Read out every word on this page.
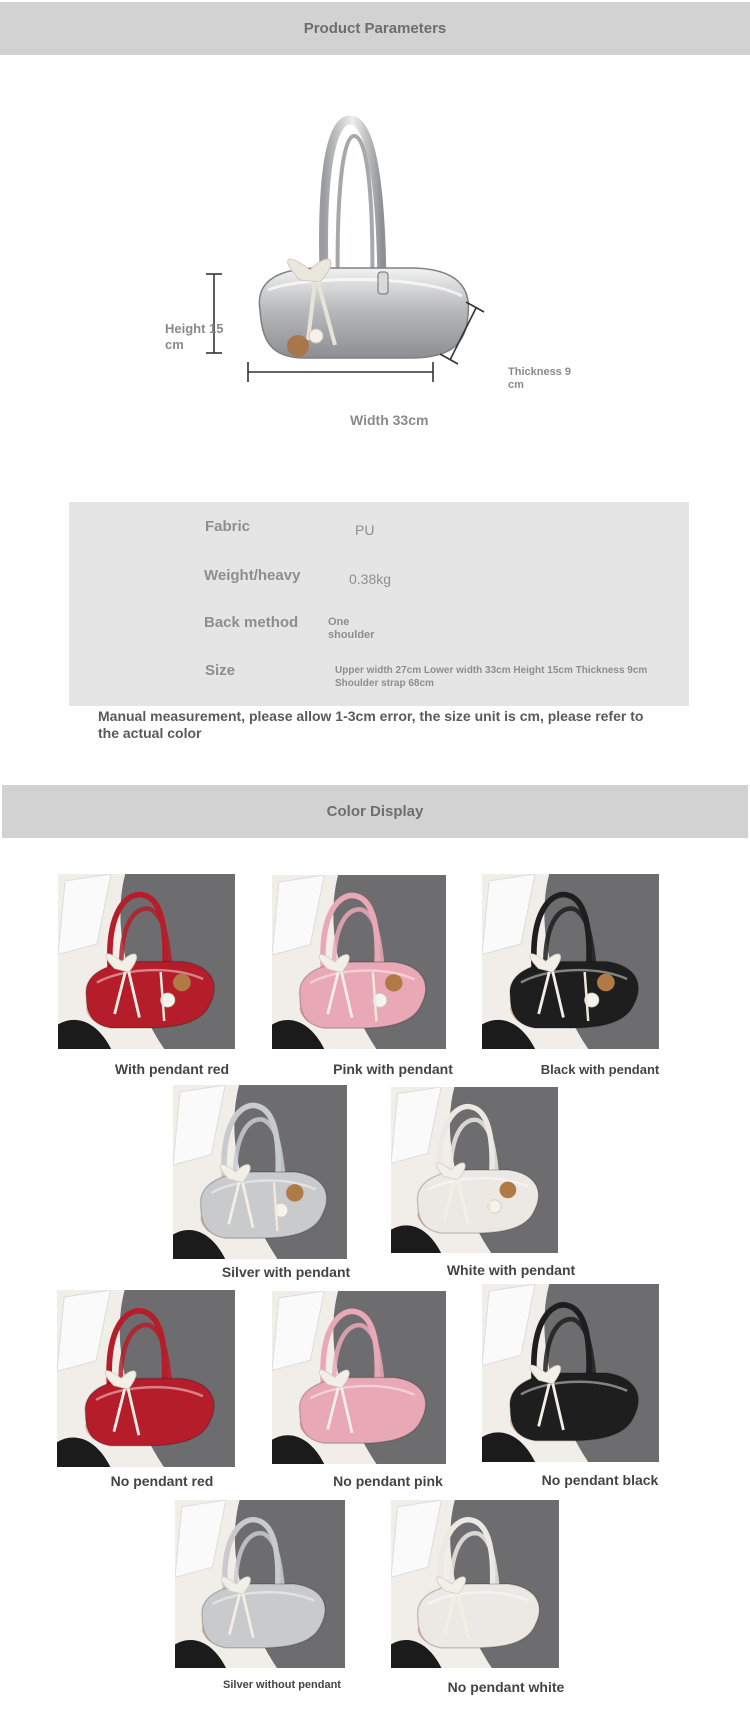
Product Parameters
Height 15 cm
Width 33cm
Thickness 9 cm
Fabric	PU
Weight/heavy	0.38kg
Back method	One shoulder
Size	Upper width 27cm Lower width 33cm Height 15cm Thickness 9cm Shoulder strap 68cm
Manual measurement, please allow 1-3cm error, the size unit is cm, please refer to the actual color
Color Display
With pendant red	Pink with pendant	Black with pendant
Silver with pendant	White with pendant
No pendant red	No pendant pink	No pendant black
Silver without pendant	No pendant white
